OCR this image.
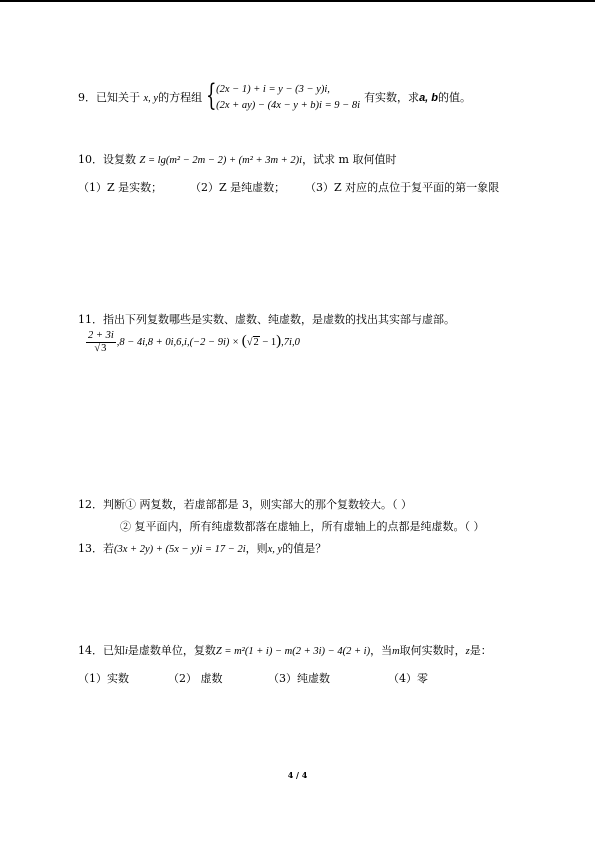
9．已知关于 x, y的方程组 { (2x − 1) + i = y − (3 − y)i,
(2x + ay) − (4x − y + b)i = 9 − 8i
有实数，求a, b的值。
10．设复数 Z = lg(m² − 2m − 2) + (m² + 3m + 2)i，试求 m 取何值时
（1）Z 是实数；	（2）Z 是纯虚数； （3）Z 对应的点位于复平面的第一象限
11．指出下列复数哪些是实数、虚数、纯虚数，是虚数的找出其实部与虚部。
$\frac{2 + 3i}{√3} ,8 - 4i,8 + 0i,6,i,(-2 - 9i) \times (√2 - 1),7i,0$
12．判断① 两复数，若虚部都是 3，则实部大的那个复数较大。（ ）
② 复平面内，所有纯虚数都落在虚轴上，所有虚轴上的点都是纯虚数。（ ）
13．若(3x + 2y) + (5x − y)i = 17 − 2i，则x, y的值是？
14．已知i是虚数单位，复数Z = m²(1 + i) − m(2 + 3i) − 4(2 + i)，当m取何实数时，z是：
（1）实数	（2） 虚数	（3）纯虚数	（4）零
4 / 4
